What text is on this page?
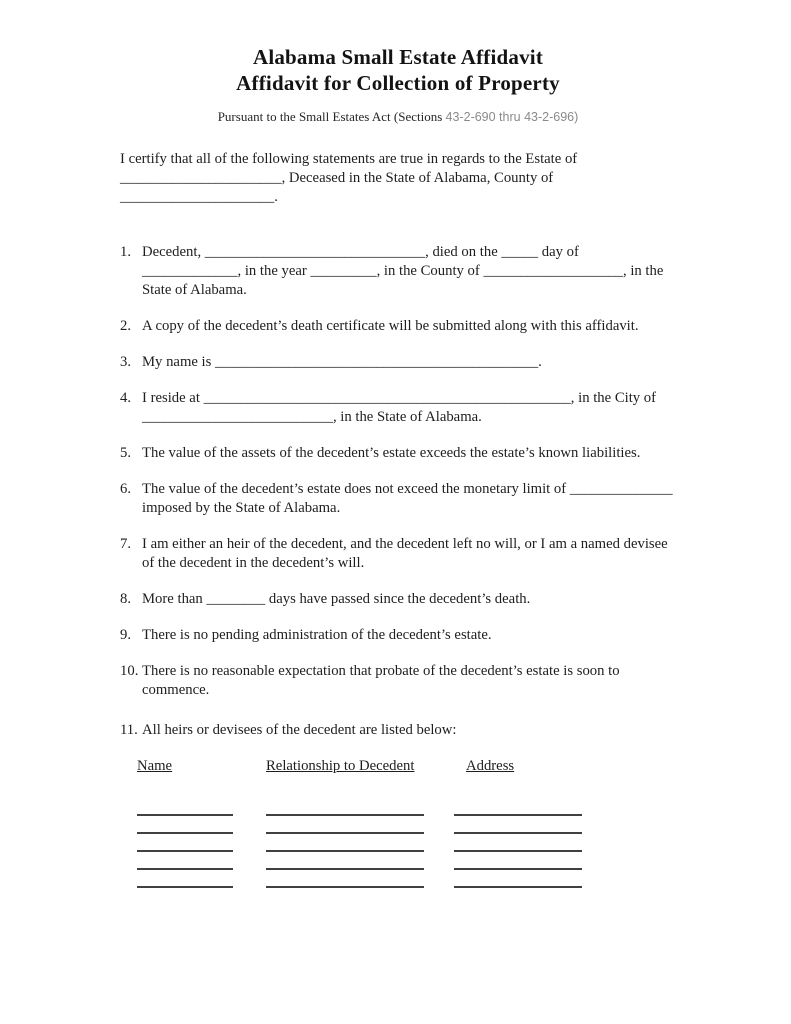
Alabama Small Estate Affidavit
Affidavit for Collection of Property

Pursuant to the Small Estates Act (Sections 43-2-690 thru 43-2-696)

I certify that all of the following statements are true in regards to the Estate of ______________________, Deceased in the State of Alabama, County of _____________________.

1. Decedent, ______________________________, died on the _____ day of _____________, in the year _________, in the County of ___________________, in the State of Alabama.
2. A copy of the decedent’s death certificate will be submitted along with this affidavit.
3. My name is ____________________________________________.
4. I reside at __________________________________________________, in the City of __________________________, in the State of Alabama.
5. The value of the assets of the decedent’s estate exceeds the estate’s known liabilities.
6. The value of the decedent’s estate does not exceed the monetary limit of ______________ imposed by the State of Alabama.
7. I am either an heir of the decedent, and the decedent left no will, or I am a named devisee of the decedent in the decedent’s will.
8. More than ________ days have passed since the decedent’s death.
9. There is no pending administration of the decedent’s estate.
10. There is no reasonable expectation that probate of the decedent’s estate is soon to commence.
11. All heirs or devisees of the decedent are listed below:
Name	Relationship to Decedent	Address
